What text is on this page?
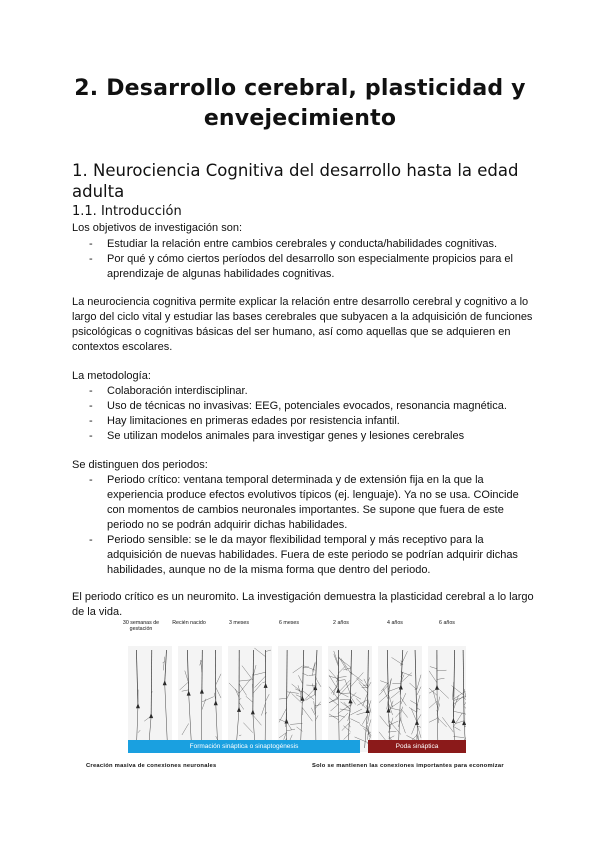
2. Desarrollo cerebral, plasticidad y envejecimiento
1. Neurociencia Cognitiva del desarrollo hasta la edad adulta
1.1. Introducción
Los objetivos de investigación son:
- Estudiar la relación entre cambios cerebrales y conducta/habilidades cognitivas.
- Por qué y cómo ciertos períodos del desarrollo son especialmente propicios para el aprendizaje de algunas habilidades cognitivas.
La neurociencia cognitiva permite explicar la relación entre desarrollo cerebral y cognitivo a lo largo del ciclo vital y estudiar las bases cerebrales que subyacen a la adquisición de funciones psicológicas o cognitivas básicas del ser humano, así como aquellas que se adquieren en contextos escolares.
La metodología:
- Colaboración interdisciplinar.
- Uso de técnicas no invasivas: EEG, potenciales evocados, resonancia magnética.
- Hay limitaciones en primeras edades por resistencia infantil.
- Se utilizan modelos animales para investigar genes y lesiones cerebrales
Se distinguen dos periodos:
- Periodo crítico: ventana temporal determinada y de extensión fija en la que la experiencia produce efectos evolutivos típicos (ej. lenguaje). Ya no se usa. COincide con momentos de cambios neuronales importantes. Se supone que fuera de este periodo no se podrán adquirir dichas habilidades.
- Periodo sensible: se le da mayor flexibilidad temporal y más receptivo para la adquisición de nuevas habilidades. Fuera de este periodo se podrían adquirir dichas habilidades, aunque no de la misma forma que dentro del periodo.
El periodo crítico es un neuromito. La investigación demuestra la plasticidad cerebral a lo largo de la vida.
30 semanas de gestación
Recién nacido	3 meses	6 meses	2 años	4 años	6 años
Formación sináptica o sinaptogénesis	Poda sináptica
Creación masiva de conexiones neuronales	Solo se mantienen las conexiones importantes para economizar
